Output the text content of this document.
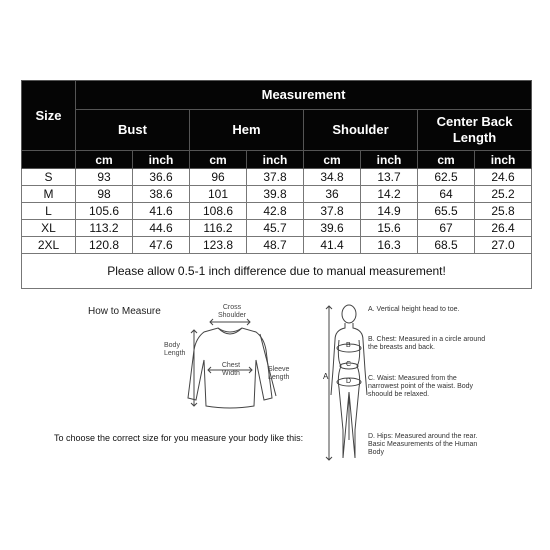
Size	Measurement							
	Bust		Hem		Shoulder		Center Back Length	
	cm	inch	cm	inch	cm	inch	cm	inch
S	93	36.6	96	37.8	34.8	13.7	62.5	24.6
M	98	38.6	101	39.8	36	14.2	64	25.2
L	105.6	41.6	108.6	42.8	37.8	14.9	65.5	25.8
XL	113.2	44.6	116.2	45.7	39.6	15.6	67	26.4
2XL	120.8	47.6	123.8	48.7	41.4	16.3	68.5	27.0
Please allow 0.5-1 inch difference due to manual measurement!								
How to Measure	Cross Shoulder
Body Length
Chest Width
Sleeve Length
To choose the correct size for you measure your body like this:
A
B
C
D
A. Vertical height head to toe.
B. Chest: Measured in a circle around the breasts and back.
C. Waist: Measured from the narrowest point of the waist. Body shoould be relaxed.
D. Hips: Measured around the rear. Basic Measurements of the Human Body
